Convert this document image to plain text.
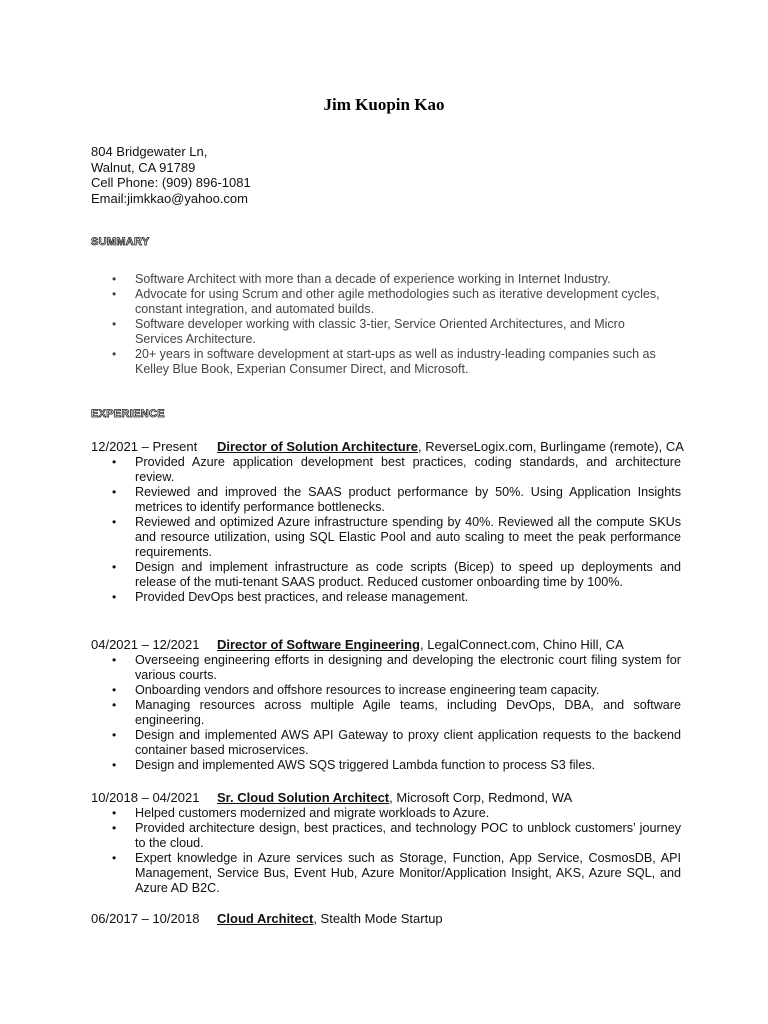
Jim Kuopin Kao
804 Bridgewater Ln,
Walnut, CA 91789
Cell Phone: (909) 896-1081
Email:jimkkao@yahoo.com
SUMMARY
• Software Architect with more than a decade of experience working in Internet Industry.
• Advocate for using Scrum and other agile methodologies such as iterative development cycles, constant integration, and automated builds.
• Software developer working with classic 3-tier, Service Oriented Architectures, and Micro Services Architecture.
• 20+ years in software development at start-ups as well as industry-leading companies such as Kelley Blue Book, Experian Consumer Direct, and Microsoft.
EXPERIENCE
12/2021 – Present Director of Solution Architecture, ReverseLogix.com, Burlingame (remote), CA
• Provided Azure application development best practices, coding standards, and architecture review.
• Reviewed and improved the SAAS product performance by 50%. Using Application Insights metrices to identify performance bottlenecks.
• Reviewed and optimized Azure infrastructure spending by 40%. Reviewed all the compute SKUs and resource utilization, using SQL Elastic Pool and auto scaling to meet the peak performance requirements.
• Design and implement infrastructure as code scripts (Bicep) to speed up deployments and release of the muti-tenant SAAS product. Reduced customer onboarding time by 100%.
• Provided DevOps best practices, and release management.
04/2021 – 12/2021 Director of Software Engineering, LegalConnect.com, Chino Hill, CA
• Overseeing engineering efforts in designing and developing the electronic court filing system for various courts.
• Onboarding vendors and offshore resources to increase engineering team capacity.
• Managing resources across multiple Agile teams, including DevOps, DBA, and software engineering.
• Design and implemented AWS API Gateway to proxy client application requests to the backend container based microservices.
• Design and implemented AWS SQS triggered Lambda function to process S3 files.
10/2018 – 04/2021 Sr. Cloud Solution Architect, Microsoft Corp, Redmond, WA
• Helped customers modernized and migrate workloads to Azure.
• Provided architecture design, best practices, and technology POC to unblock customers’ journey to the cloud.
• Expert knowledge in Azure services such as Storage, Function, App Service, CosmosDB, API Management, Service Bus, Event Hub, Azure Monitor/Application Insight, AKS, Azure SQL, and Azure AD B2C.
06/2017 – 10/2018 Cloud Architect, Stealth Mode Startup
